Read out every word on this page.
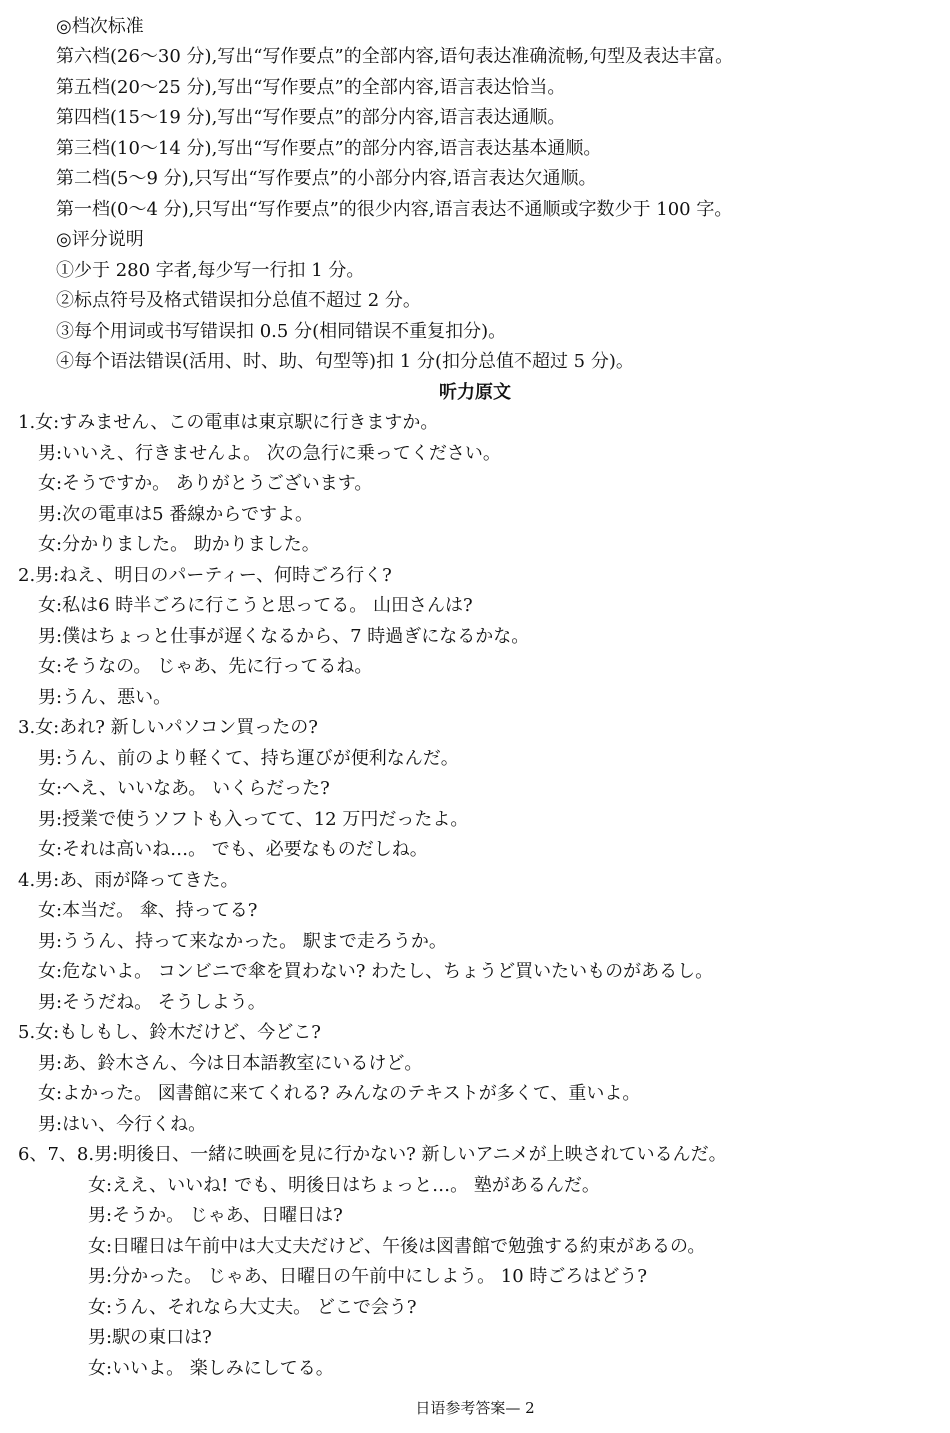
◎档次标准
第六档(26～30 分),写出“写作要点”的全部内容,语句表达准确流畅,句型及表达丰富。
第五档(20～25 分),写出“写作要点”的全部内容,语言表达恰当。
第四档(15～19 分),写出“写作要点”的部分内容,语言表达通顺。
第三档(10～14 分),写出“写作要点”的部分内容,语言表达基本通顺。
第二档(5～9 分),只写出“写作要点”的小部分内容,语言表达欠通顺。
第一档(0～4 分),只写出“写作要点”的很少内容,语言表达不通顺或字数少于 100 字。
◎评分说明
①少于 280 字者,每少写一行扣 1 分。
②标点符号及格式错误扣分总值不超过 2 分。
③每个用词或书写错误扣 0.5 分(相同错误不重复扣分)。
④每个语法错误(活用、时、助、句型等)扣 1 分(扣分总值不超过 5 分)。
听力原文
1.女:すみません、この電車は東京駅に行きますか。
男:いいえ、行きませんよ。 次の急行に乗ってください。
女:そうですか。 ありがとうございます。
男:次の電車は5 番線からですよ。
女:分かりました。 助かりました。
2.男:ねえ、明日のパーティー、何時ごろ行く?
女:私は6 時半ごろに行こうと思ってる。 山田さんは?
男:僕はちょっと仕事が遅くなるから、7 時過ぎになるかな。
女:そうなの。 じゃあ、先に行ってるね。
男:うん、悪い。
3.女:あれ? 新しいパソコン買ったの?
男:うん、前のより軽くて、持ち運びが便利なんだ。
女:へえ、いいなあ。 いくらだった?
男:授業で使うソフトも入ってて、12 万円だったよ。
女:それは高いね…。 でも、必要なものだしね。
4.男:あ、雨が降ってきた。
女:本当だ。 傘、持ってる?
男:ううん、持って来なかった。 駅まで走ろうか。
女:危ないよ。 コンビニで傘を買わない? わたし、ちょうど買いたいものがあるし。
男:そうだね。 そうしよう。
5.女:もしもし、鈴木だけど、今どこ?
男:あ、鈴木さん、今は日本語教室にいるけど。
女:よかった。 図書館に来てくれる? みんなのテキストが多くて、重いよ。
男:はい、今行くね。
6、7、8.男:明後日、一緒に映画を見に行かない? 新しいアニメが上映されているんだ。
女:ええ、いいね! でも、明後日はちょっと…。 塾があるんだ。
男:そうか。 じゃあ、日曜日は?
女:日曜日は午前中は大丈夫だけど、午後は図書館で勉強する約束があるの。
男:分かった。 じゃあ、日曜日の午前中にしよう。 10 時ごろはどう?
女:うん、それなら大丈夫。 どこで会う?
男:駅の東口は?
女:いいよ。 楽しみにしてる。
日语参考答案— 2
